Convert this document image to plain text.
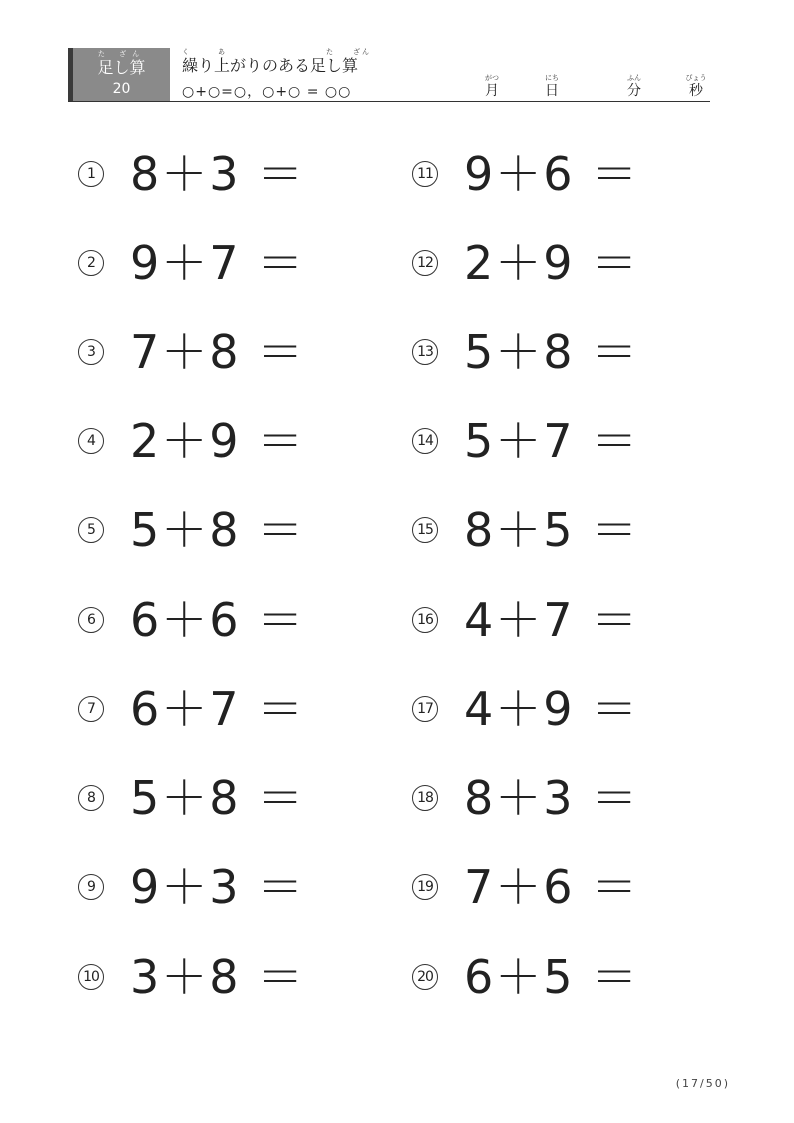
た ざん
足し算
20
く　　　あ　　　　　　　　　　　た　　ざん
繰り上がりのある足し算
○+○=○，○+○ = ○○
がつ
月
にち
日
ふん
分
びょう
秒
1 8＋3 ＝
2 9＋7 ＝
3 7＋8 ＝
4 2＋9 ＝
5 5＋8 ＝
6 6＋6 ＝
7 6＋7 ＝
8 5＋8 ＝
9 9＋3 ＝
10 3＋8 ＝
11 9＋6 ＝
12 2＋9 ＝
13 5＋8 ＝
14 5＋7 ＝
15 8＋5 ＝
16 4＋7 ＝
17 4＋9 ＝
18 8＋3 ＝
19 7＋6 ＝
20 6＋5 ＝
(17/50)
